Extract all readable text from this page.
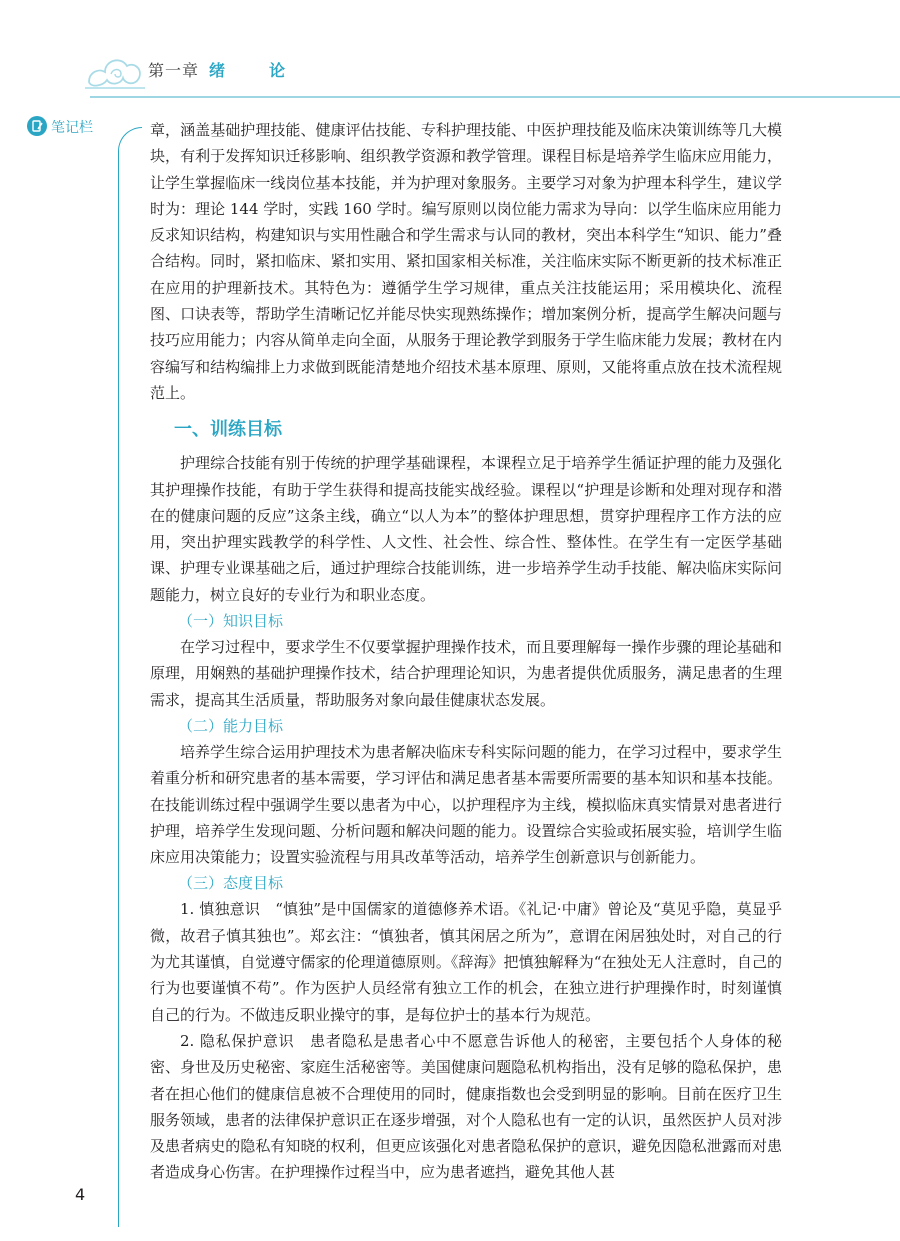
第一章 绪　论
笔记栏	章，涵盖基础护理技能、健康评估技能、专科护理技能、中医护理技能及临床决策训练等几大模块，有利于发挥知识迁移影响、组织教学资源和教学管理。课程目标是培养学生临床应用能力，让学生掌握临床一线岗位基本技能，并为护理对象服务。主要学习对象为护理本科学生，建议学时为：理论 144 学时，实践 160 学时。编写原则以岗位能力需求为导向：以学生临床应用能力反求知识结构，构建知识与实用性融合和学生需求与认同的教材，突出本科学生“知识、能力”叠合结构。同时，紧扣临床、紧扣实用、紧扣国家相关标准，关注临床实际不断更新的技术标准正在应用的护理新技术。其特色为：遵循学生学习规律，重点关注技能运用；采用模块化、流程图、口诀表等，帮助学生清晰记忆并能尽快实现熟练操作；增加案例分析，提高学生解决问题与技巧应用能力；内容从简单走向全面，从服务于理论教学到服务于学生临床能力发展；教材在内容编写和结构编排上力求做到既能清楚地介绍技术基本原理、原则，又能将重点放在技术流程规范上。

一、训练目标

护理综合技能有别于传统的护理学基础课程，本课程立足于培养学生循证护理的能力及强化其护理操作技能，有助于学生获得和提高技能实战经验。课程以“护理是诊断和处理对现存和潜在的健康问题的反应”这条主线，确立“以人为本”的整体护理思想，贯穿护理程序工作方法的应用，突出护理实践教学的科学性、人文性、社会性、综合性、整体性。在学生有一定医学基础课、护理专业课基础之后，通过护理综合技能训练，进一步培养学生动手技能、解决临床实际问题能力，树立良好的专业行为和职业态度。

（一）知识目标

在学习过程中，要求学生不仅要掌握护理操作技术，而且要理解每一操作步骤的理论基础和原理，用娴熟的基础护理操作技术，结合护理理论知识，为患者提供优质服务，满足患者的生理需求，提高其生活质量，帮助服务对象向最佳健康状态发展。

（二）能力目标

培养学生综合运用护理技术为患者解决临床专科实际问题的能力，在学习过程中，要求学生着重分析和研究患者的基本需要，学习评估和满足患者基本需要所需要的基本知识和基本技能。在技能训练过程中强调学生要以患者为中心，以护理程序为主线，模拟临床真实情景对患者进行护理，培养学生发现问题、分析问题和解决问题的能力。设置综合实验或拓展实验，培训学生临床应用决策能力；设置实验流程与用具改革等活动，培养学生创新意识与创新能力。

（三）态度目标

1. 慎独意识　“慎独”是中国儒家的道德修养术语。《礼记·中庸》曾论及“莫见乎隐，莫显乎微，故君子慎其独也”。郑玄注：“慎独者，慎其闲居之所为”，意谓在闲居独处时，对自己的行为尤其谨慎，自觉遵守儒家的伦理道德原则。《辞海》把慎独解释为“在独处无人注意时，自己的行为也要谨慎不苟”。作为医护人员经常有独立工作的机会，在独立进行护理操作时，时刻谨慎自己的行为。不做违反职业操守的事，是每位护士的基本行为规范。

2. 隐私保护意识　患者隐私是患者心中不愿意告诉他人的秘密，主要包括个人身体的秘密、身世及历史秘密、家庭生活秘密等。美国健康问题隐私机构指出，没有足够的隐私保护，患者在担心他们的健康信息被不合理使用的同时，健康指数也会受到明显的影响。目前在医疗卫生服务领域，患者的法律保护意识正在逐步增强，对个人隐私也有一定的认识，虽然医护人员对涉及患者病史的隐私有知晓的权利，但更应该强化对患者隐私保护的意识，避免因隐私泄露而对患者造成身心伤害。在护理操作过程当中，应为患者遮挡，避免其他人甚

4
